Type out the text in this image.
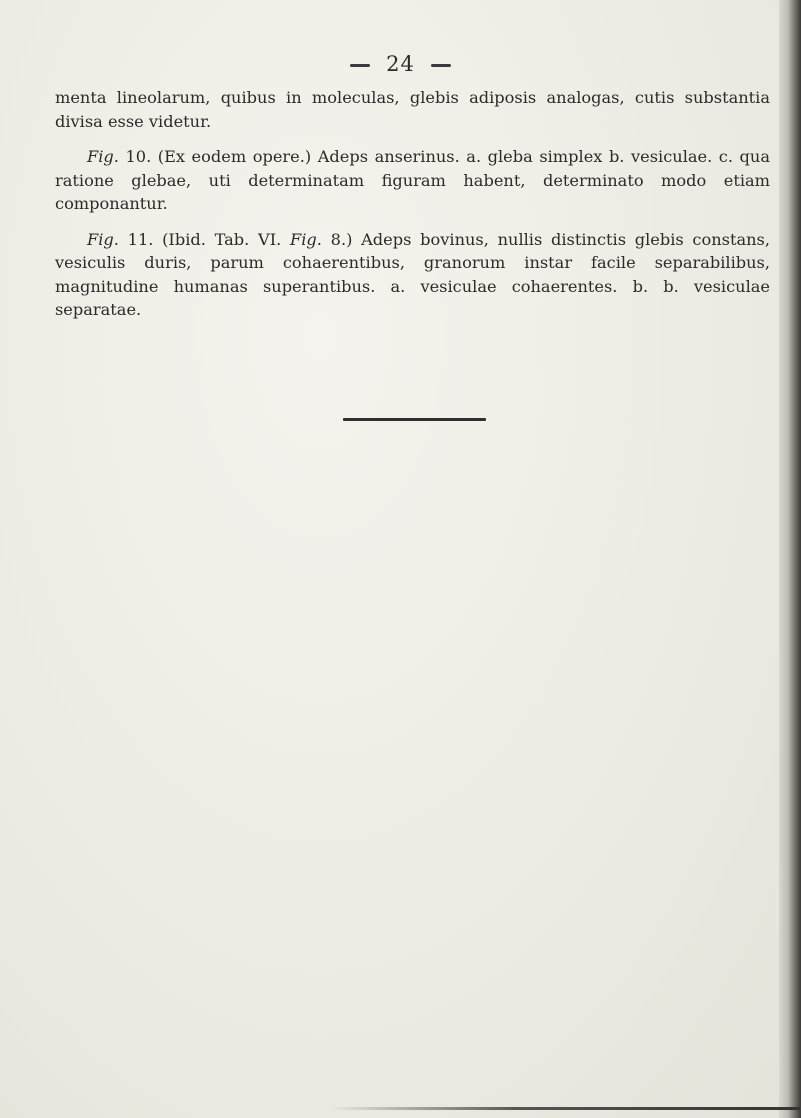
24

menta lineolarum, quibus in moleculas, glebis adiposis analogas, cutis substantia divisa esse videtur.

Fig. 10. (Ex eodem opere.) Adeps anserinus. a. gleba simplex b. vesiculae. c. qua ratione glebae, uti determinatam figuram habent, determinato modo etiam componantur.

Fig. 11. (Ibid. Tab. VI. Fig. 8.) Adeps bovinus, nullis distinctis glebis constans, vesiculis duris, parum cohaerentibus, granorum instar facile separabilibus, magnitudine humanas superantibus. a. vesiculae cohaerentes. b. b. vesiculae separatae.
